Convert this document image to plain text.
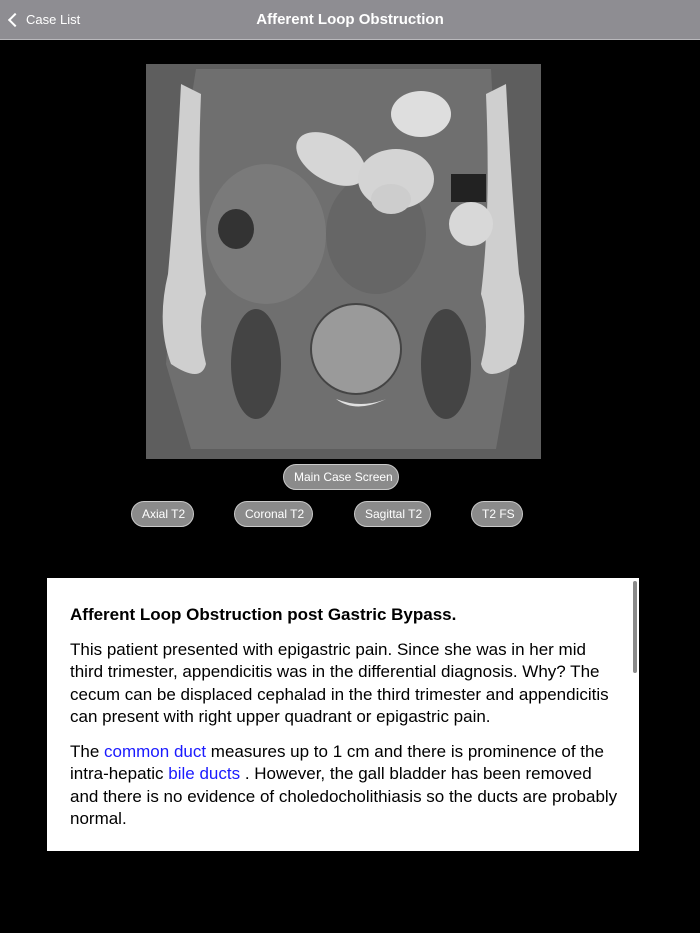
Case List	Afferent Loop Obstruction
Main Case Screen
Axial T2	Coronal T2	Sagittal T2	T2 FS
Afferent Loop Obstruction post Gastric Bypass.

This patient presented with epigastric pain. Since she was in her mid third trimester, appendicitis was in the differential diagnosis. Why? The cecum can be displaced cephalad in the third trimester and appendicitis can present with right upper quadrant or epigastric pain.

The common duct measures up to 1 cm and there is prominence of the intra-hepatic bile ducts . However, the gall bladder has been removed and there is no evidence of choledocholithiasis so the ducts are probably normal.
